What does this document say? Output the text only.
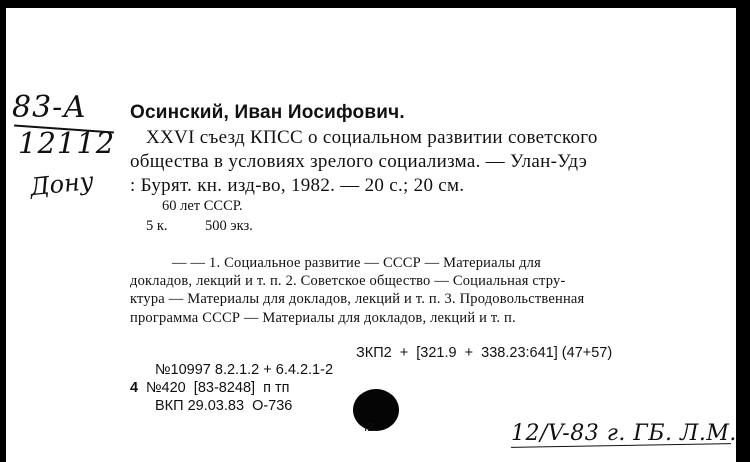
83-А
12112
Дону
Осинский, Иван Иосифович.
XXVI съезд КПСС о социальном развитии советского
общества в условиях зрелого социализма. — Улан-Удэ
: Бурят. кн. изд-во, 1982. — 20 с.; 20 см.
60 лет СССР.
5 к.	500 экз.
— — 1. Социальное развитие — СССР — Материалы для
докладов, лекций и т. п. 2. Советское общество — Социальная стру-
ктура — Материалы для докладов, лекций и т. п. 3. Продовольственная
программа СССР — Материалы для докладов, лекций и т. п.
ЗКП2  +  [321.9  +  338.23:641] (47+57)
№10997 8.2.1.2 + 6.4.2.1-2
4 №420  [83-8248]  п тп
ВКП 29.03.83  О-736
ı2	12/V-83 г. ГБ. Л.М.
